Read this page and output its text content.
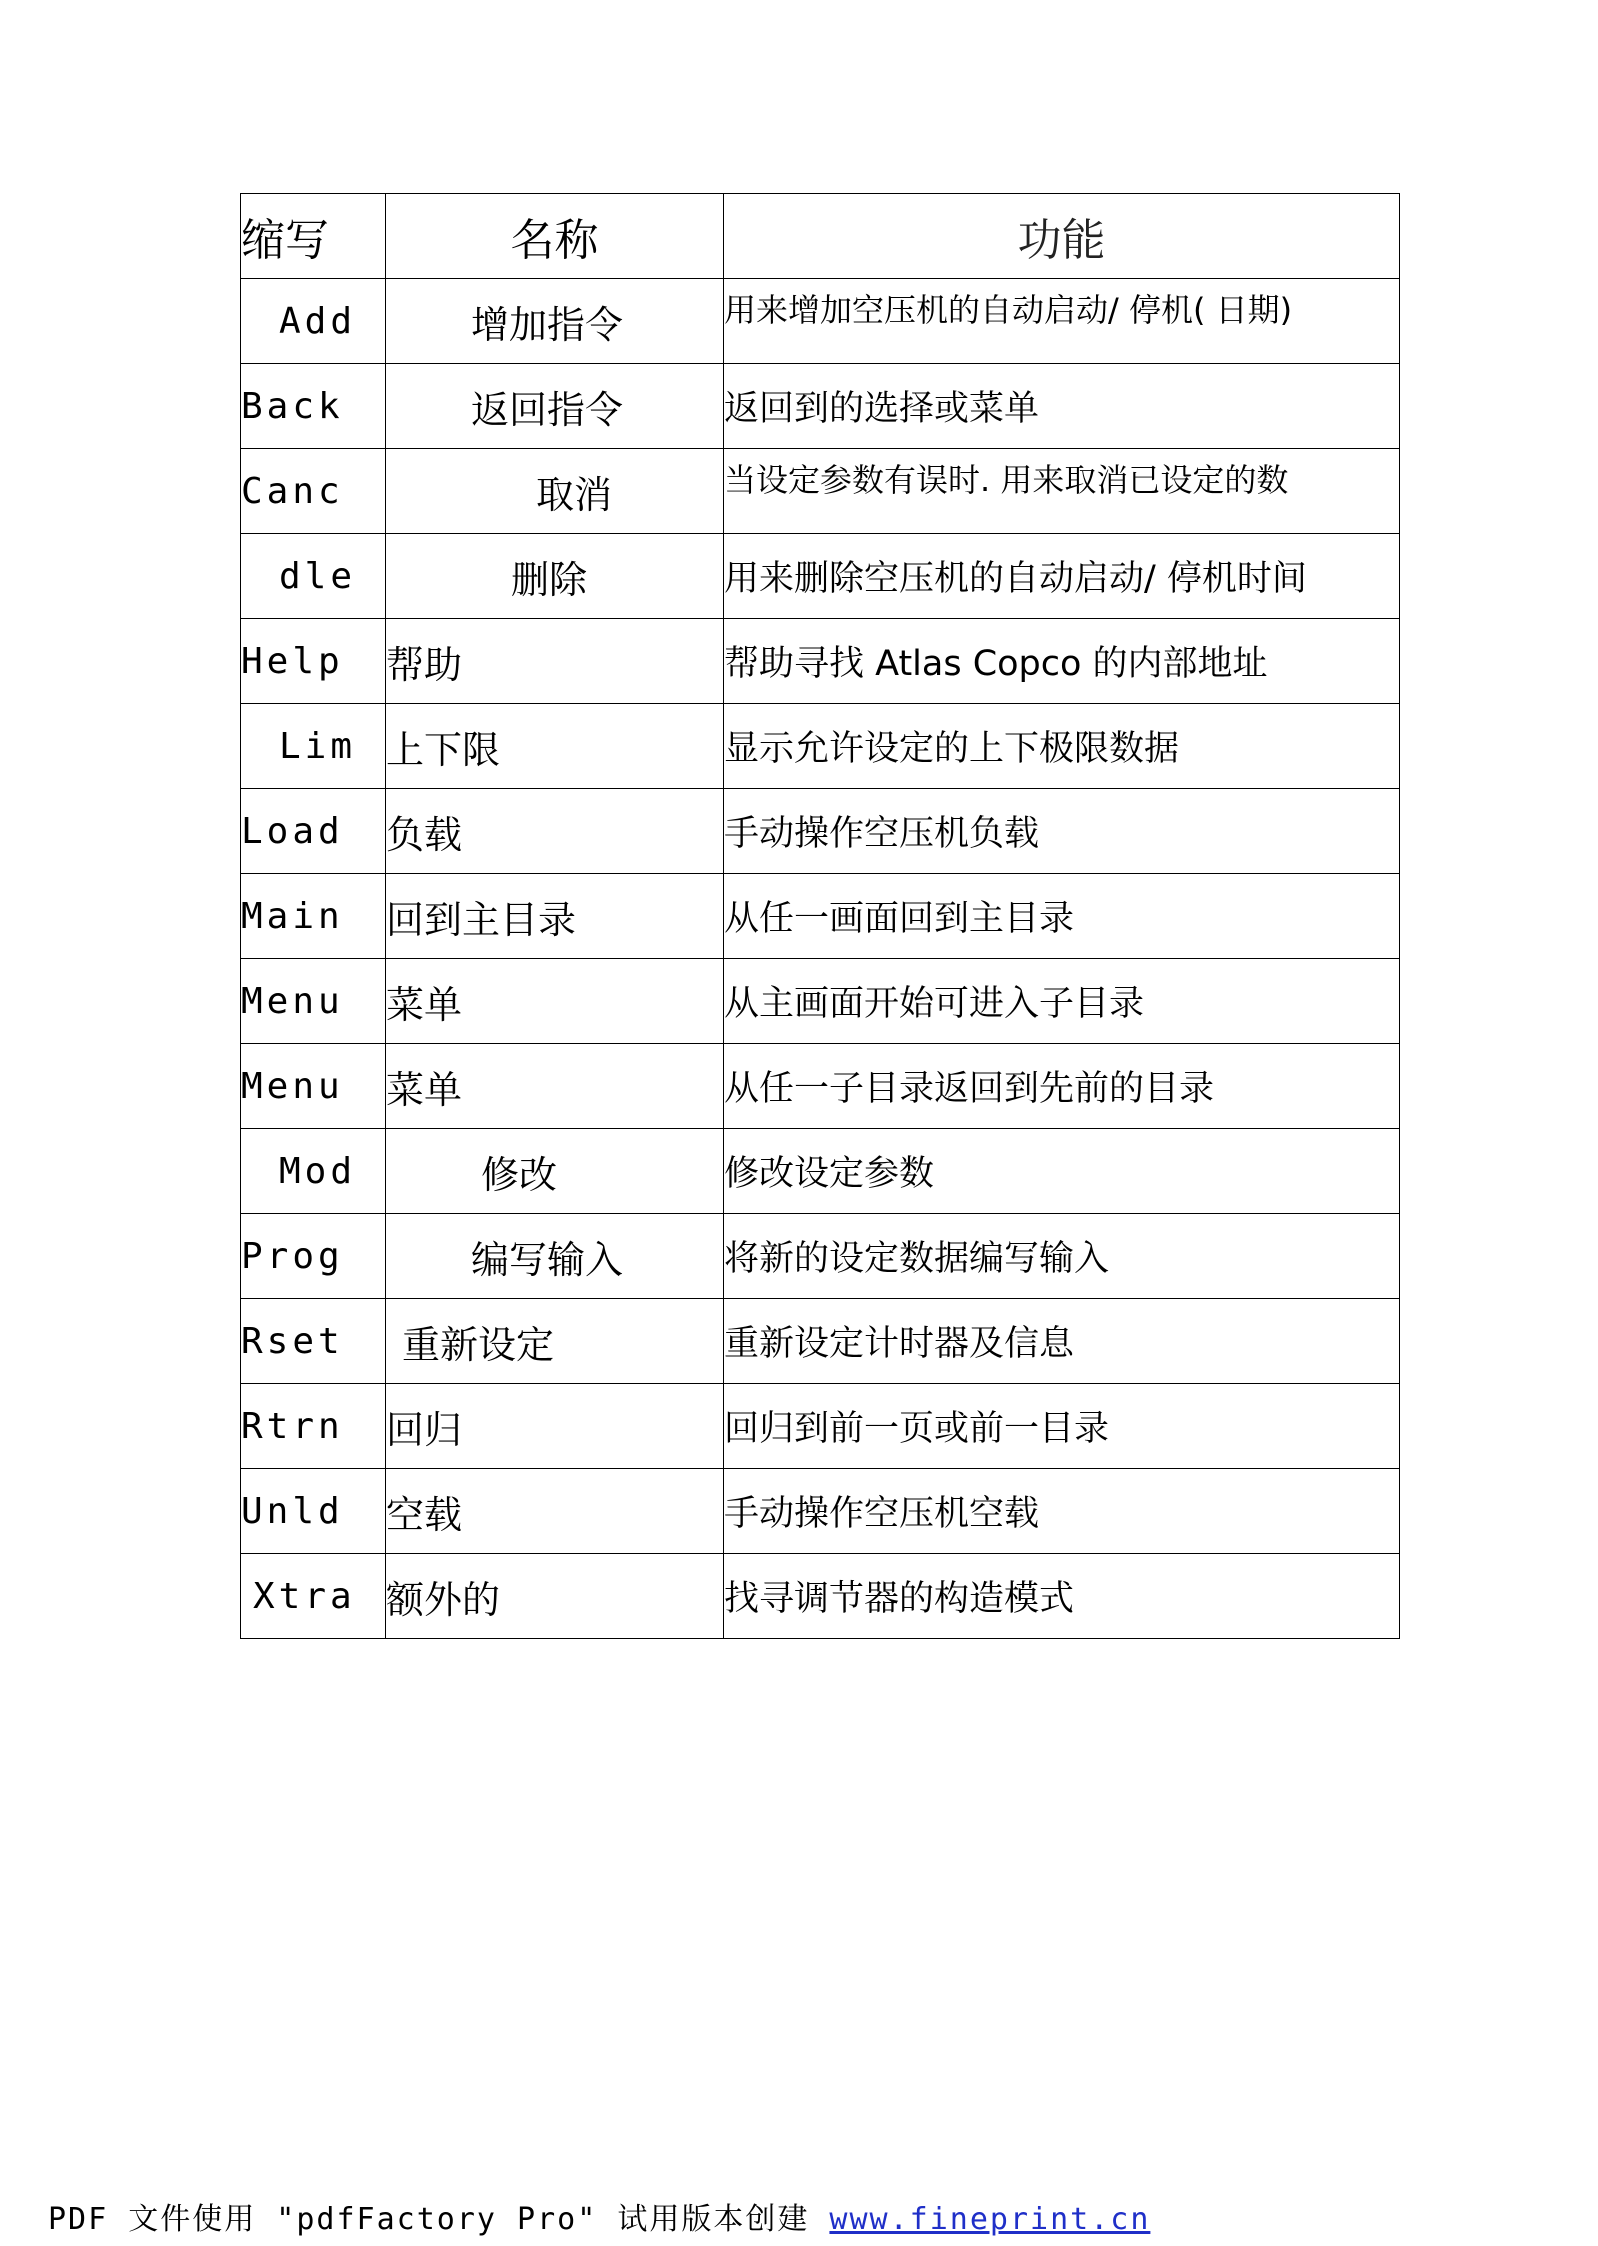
缩写	名称	功能
Add	增加指令	用来增加空压机的自动启动/ 停机( 日期)
Back	返回指令	返回到的选择或菜单
Canc	取消	当设定参数有误时. 用来取消已设定的数
dle	删除	用来删除空压机的自动启动/ 停机时间
Help	帮助	帮助寻找 Atlas Copco 的内部地址
Lim	上下限	显示允许设定的上下极限数据
Load	负载	手动操作空压机负载
Main	回到主目录	从任一画面回到主目录
Menu	菜单	从主画面开始可进入子目录
Menu	菜单	从任一子目录返回到先前的目录
Mod	修改	修改设定参数
Prog	编写输入	将新的设定数据编写输入
Rset	重新设定	重新设定计时器及信息
Rtrn	回归	回归到前一页或前一目录
Unld	空载	手动操作空压机空载
Xtra	额外的	找寻调节器的构造模式
PDF 文件使用 "pdfFactory Pro" 试用版本创建 www.fineprint.cn
